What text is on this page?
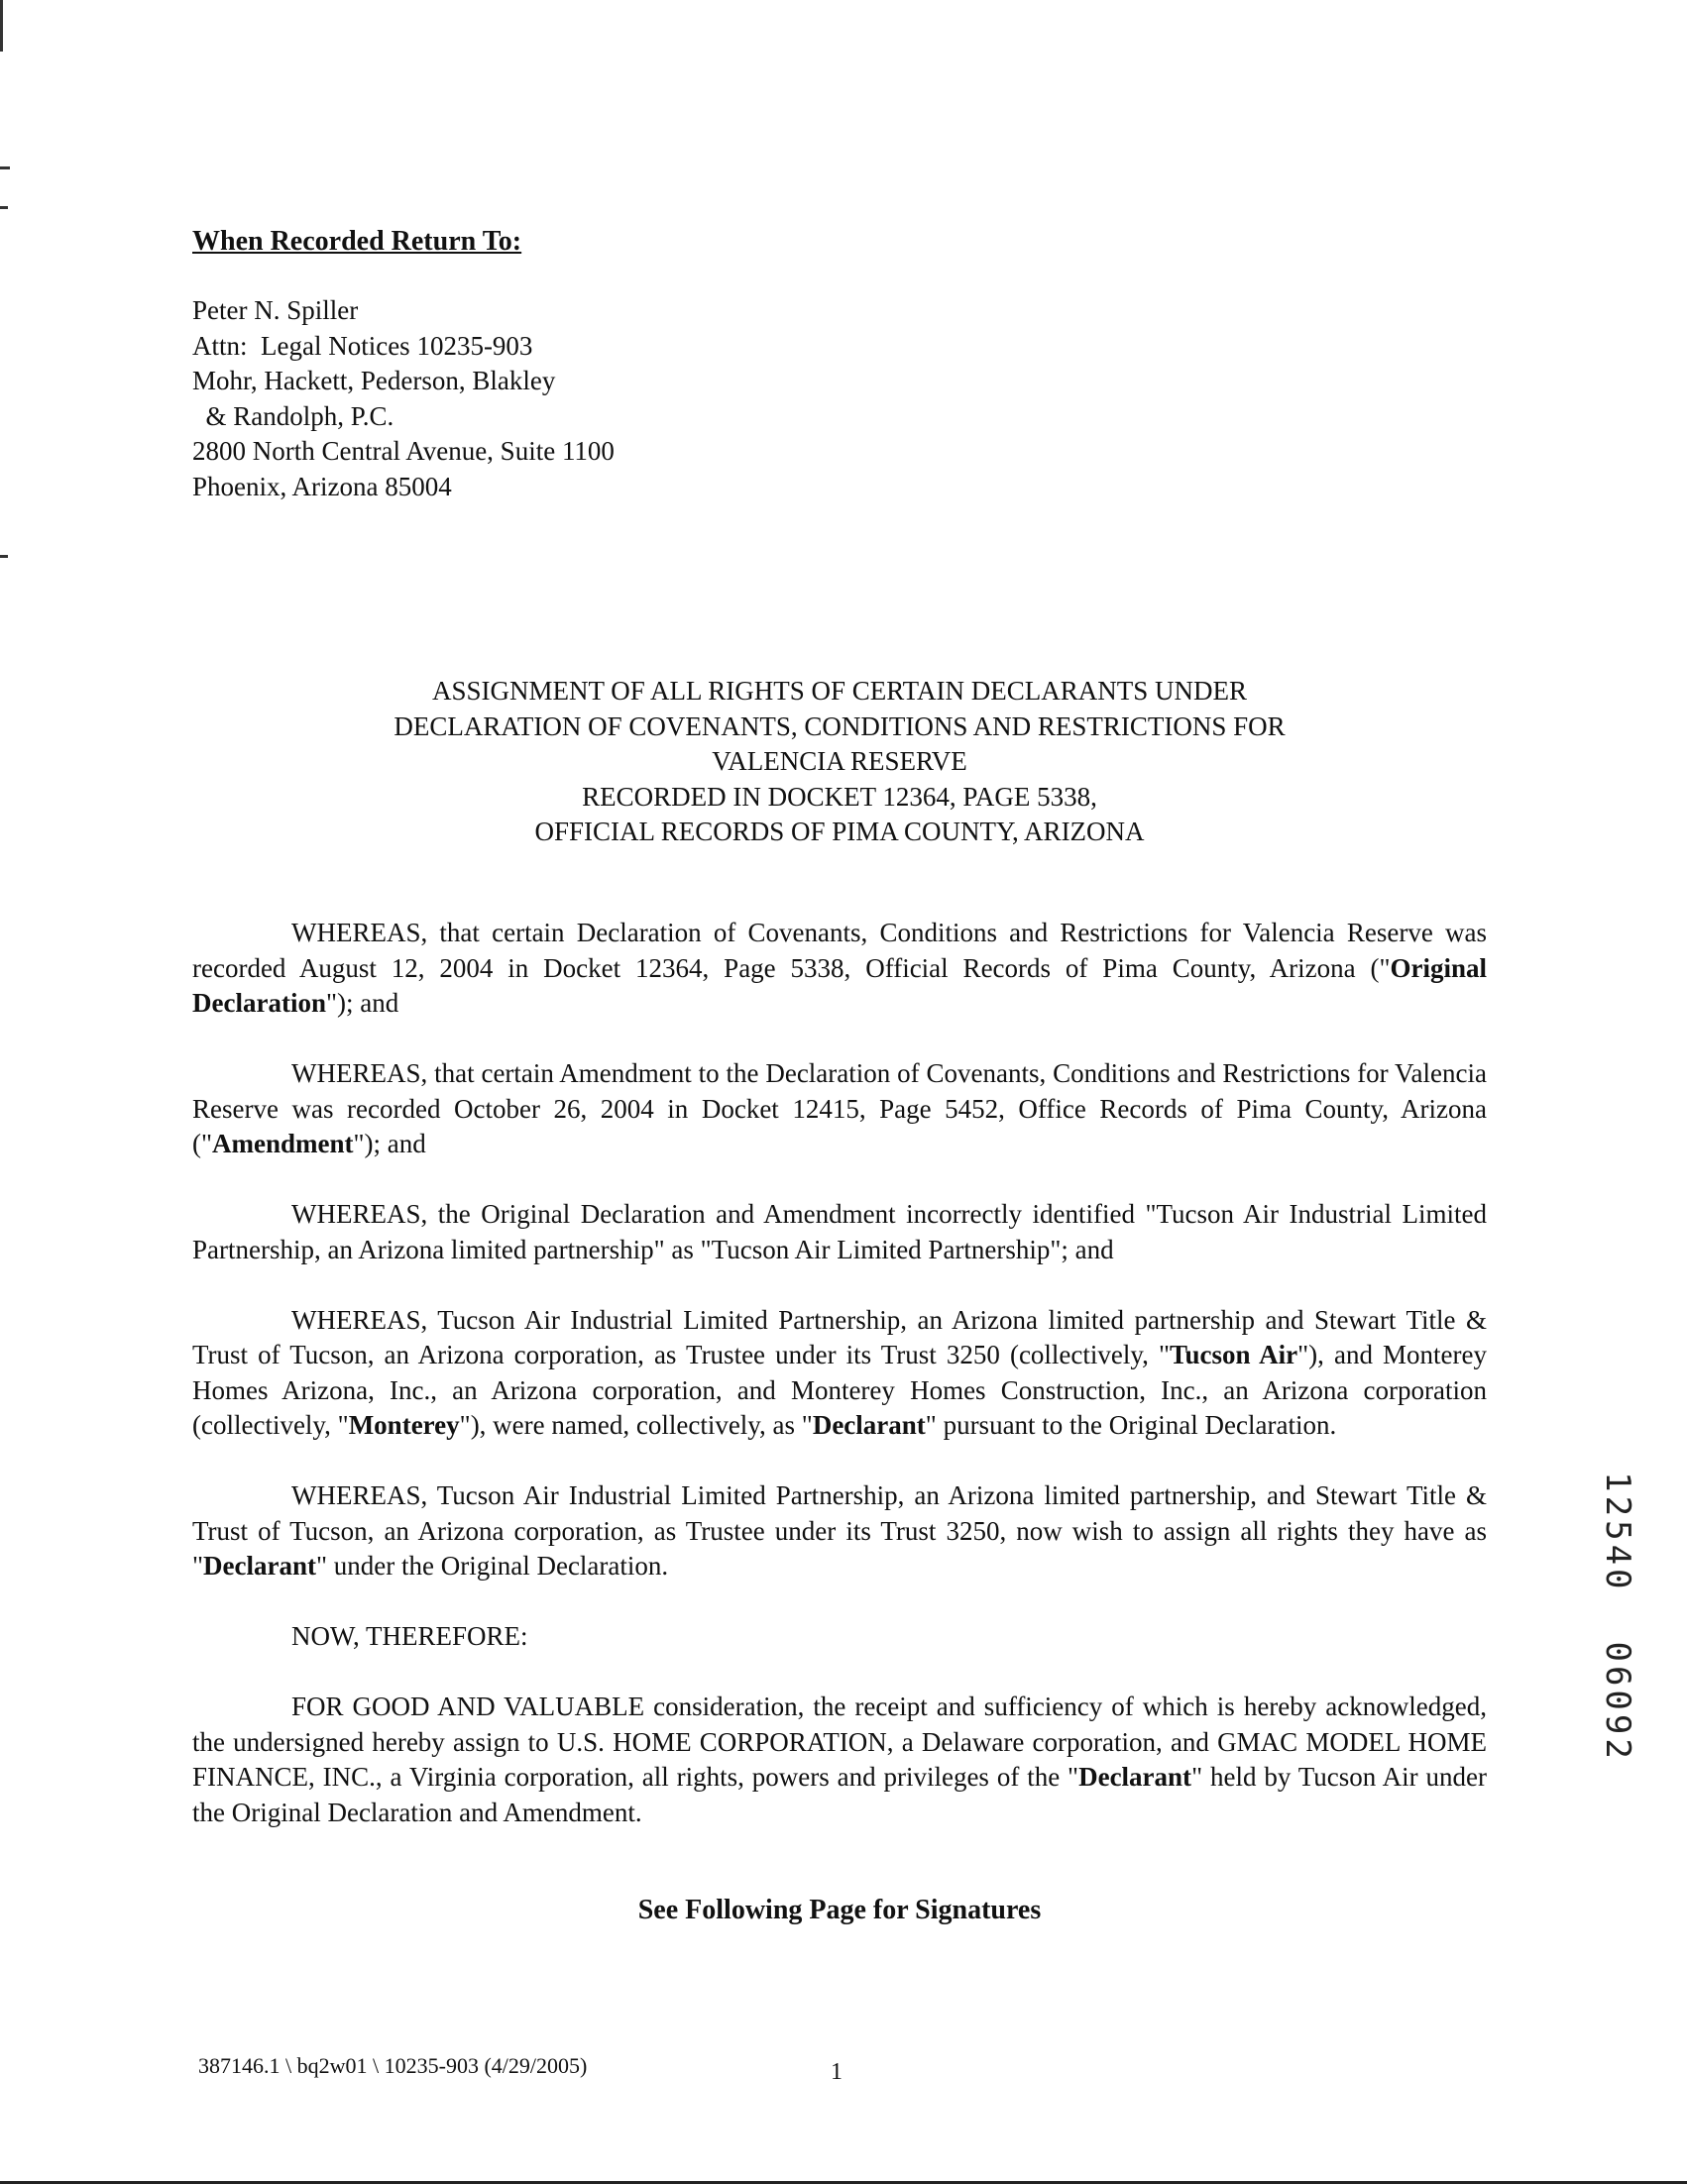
When Recorded Return To:
Peter N. Spiller
Attn:  Legal Notices 10235-903
Mohr, Hackett, Pederson, Blakley
& Randolph, P.C.
2800 North Central Avenue, Suite 1100
Phoenix, Arizona 85004
ASSIGNMENT OF ALL RIGHTS OF CERTAIN DECLARANTS UNDER
DECLARATION OF COVENANTS, CONDITIONS AND RESTRICTIONS FOR
VALENCIA RESERVE
RECORDED IN DOCKET 12364, PAGE 5338,
OFFICIAL RECORDS OF PIMA COUNTY, ARIZONA

WHEREAS, that certain Declaration of Covenants, Conditions and Restrictions for Valencia Reserve was recorded August 12, 2004 in Docket 12364, Page 5338, Official Records of Pima County, Arizona ("Original Declaration"); and

WHEREAS, that certain Amendment to the Declaration of Covenants, Conditions and Restrictions for Valencia Reserve was recorded October 26, 2004 in Docket 12415, Page 5452, Office Records of Pima County, Arizona ("Amendment"); and

WHEREAS, the Original Declaration and Amendment incorrectly identified "Tucson Air Industrial Limited Partnership, an Arizona limited partnership" as "Tucson Air Limited Partnership"; and

WHEREAS, Tucson Air Industrial Limited Partnership, an Arizona limited partnership and Stewart Title & Trust of Tucson, an Arizona corporation, as Trustee under its Trust 3250 (collectively, "Tucson Air"), and Monterey Homes Arizona, Inc., an Arizona corporation, and Monterey Homes Construction, Inc., an Arizona corporation (collectively, "Monterey"), were named, collectively, as "Declarant" pursuant to the Original Declaration.

WHEREAS, Tucson Air Industrial Limited Partnership, an Arizona limited partnership, and Stewart Title & Trust of Tucson, an Arizona corporation, as Trustee under its Trust 3250, now wish to assign all rights they have as "Declarant" under the Original Declaration.

NOW, THEREFORE:

FOR GOOD AND VALUABLE consideration, the receipt and sufficiency of which is hereby acknowledged, the undersigned hereby assign to U.S. HOME CORPORATION, a Delaware corporation, and GMAC MODEL HOME FINANCE, INC., a Virginia corporation, all rights, powers and privileges of the "Declarant" held by Tucson Air under the Original Declaration and Amendment.

See Following Page for Signatures
387146.1 \ bq2w01 \ 10235-903 (4/29/2005)	1
12540  06092
